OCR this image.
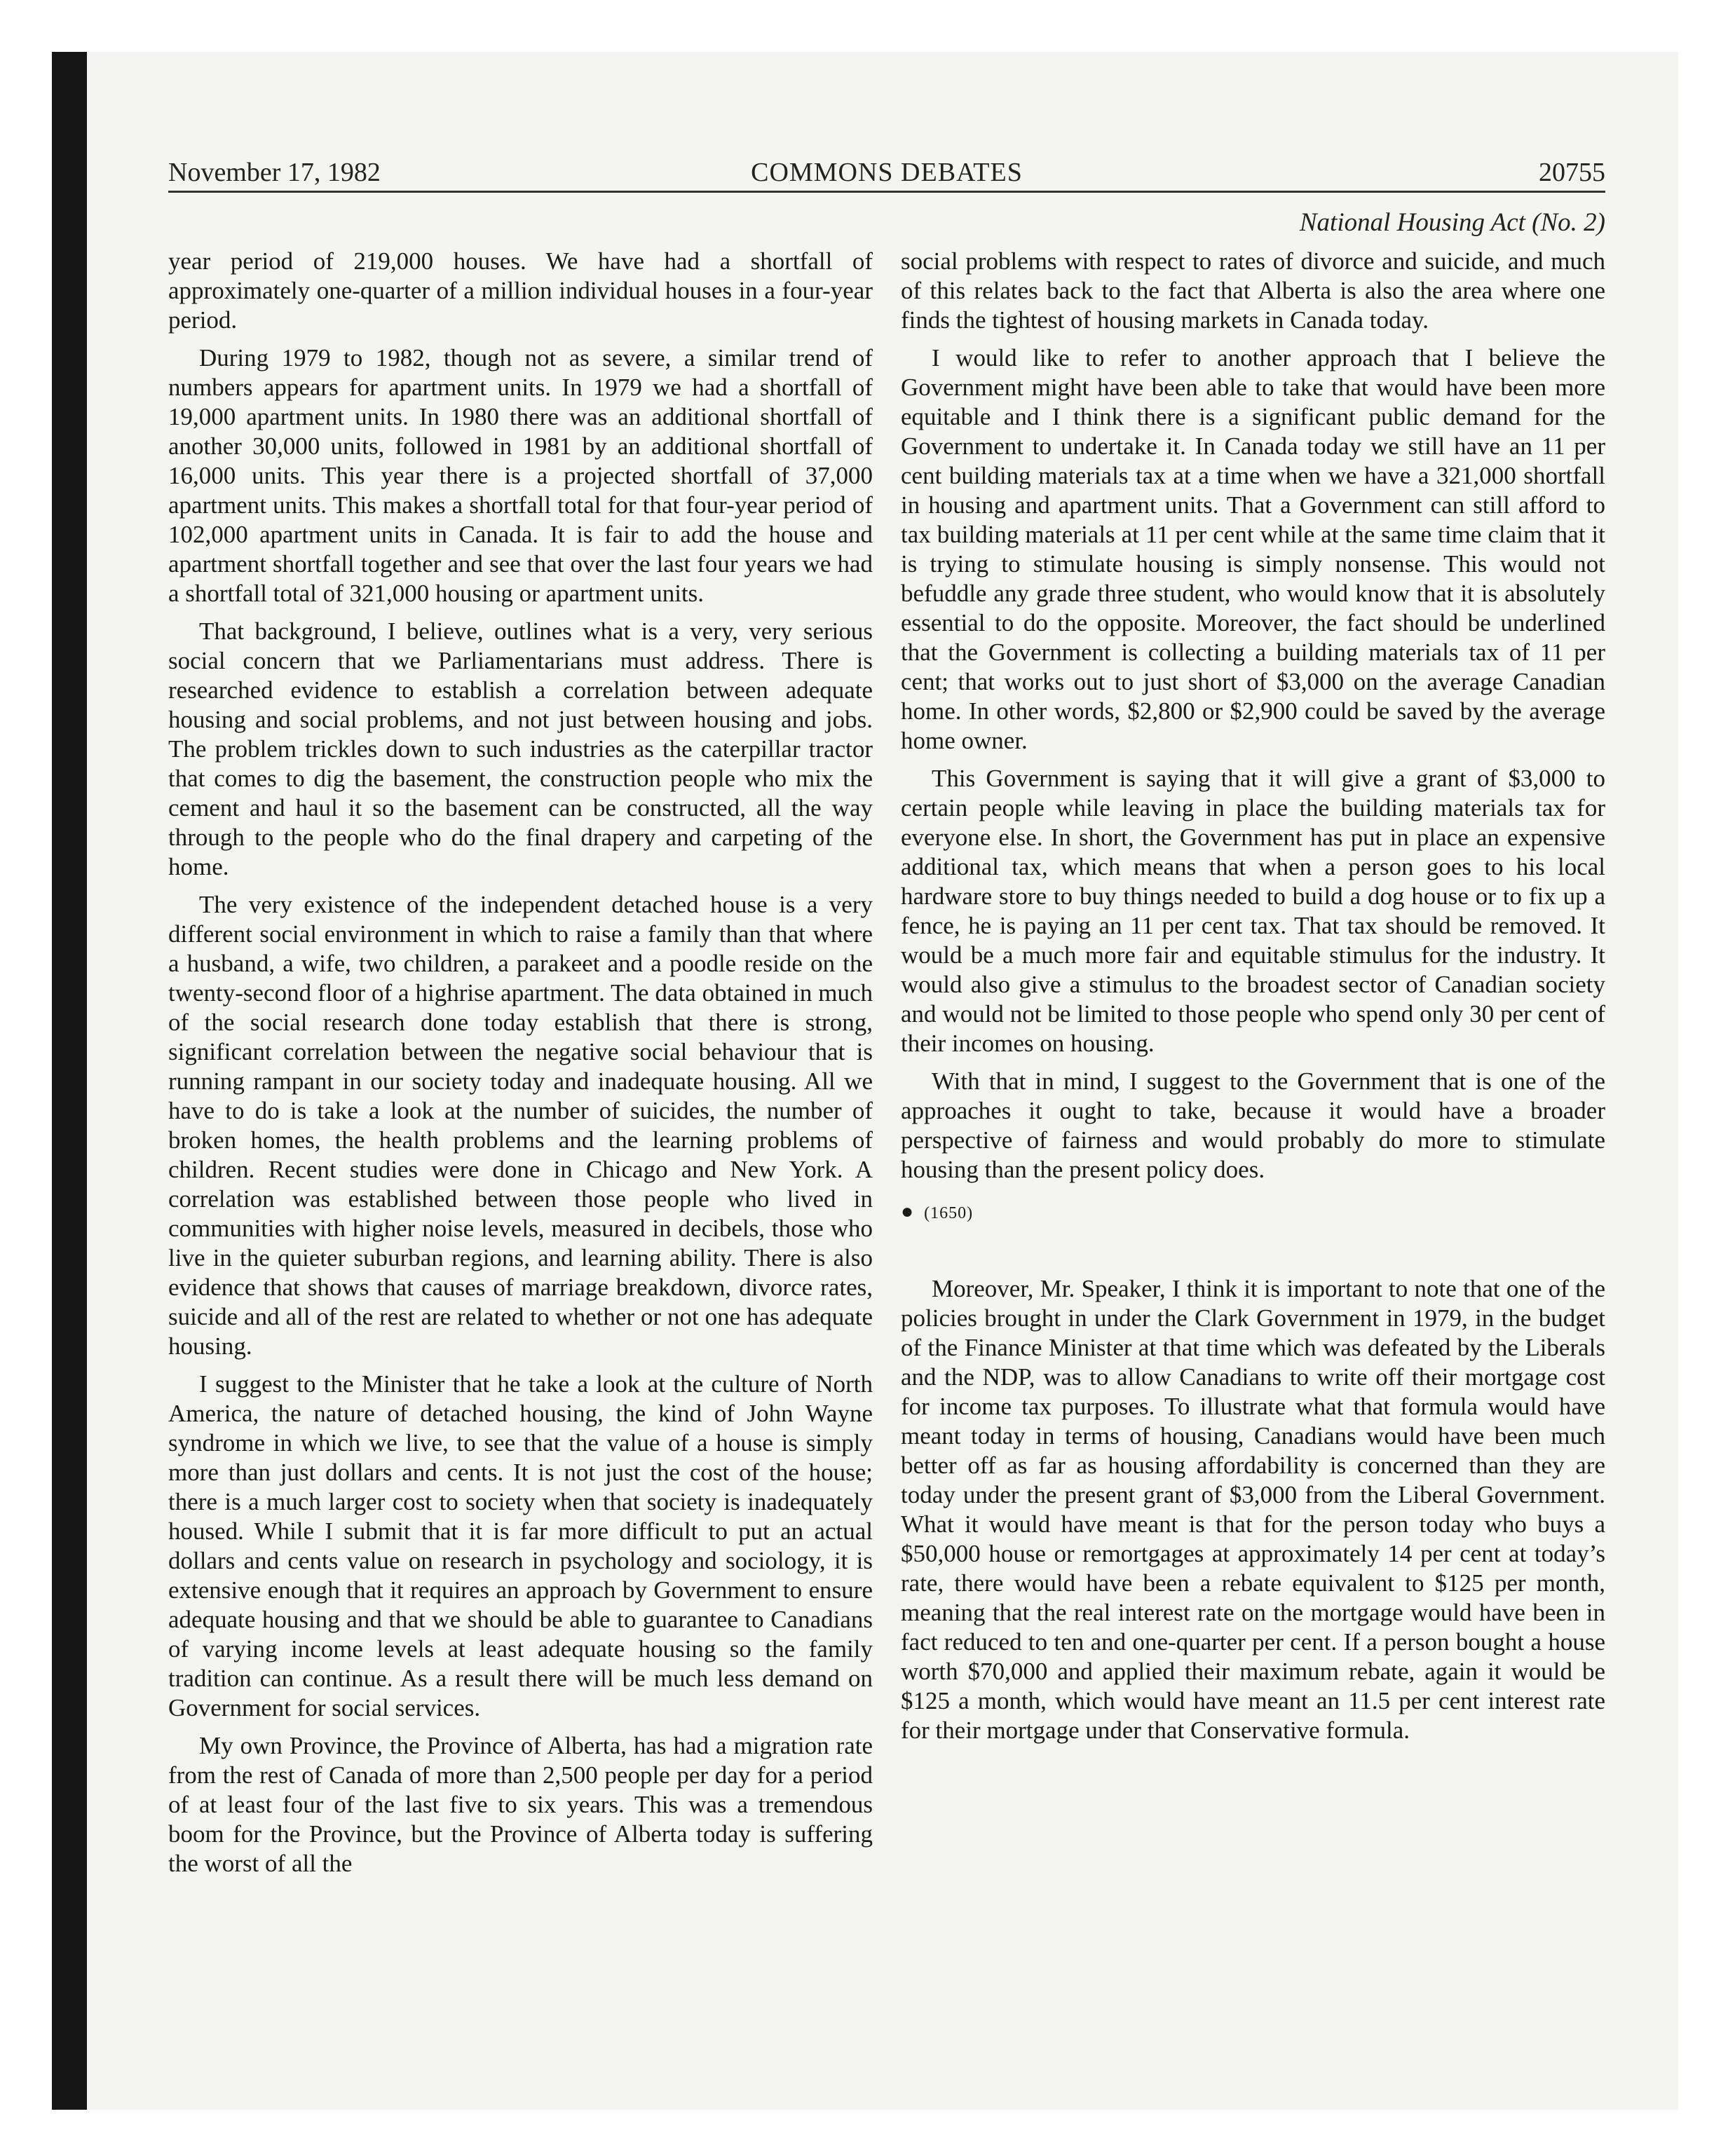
November 17, 1982	COMMONS DEBATES	20755
National Housing Act (No. 2)

year period of 219,000 houses. We have had a shortfall of approximately one-quarter of a million individual houses in a four-year period.

During 1979 to 1982, though not as severe, a similar trend of numbers appears for apartment units. In 1979 we had a shortfall of 19,000 apartment units. In 1980 there was an additional shortfall of another 30,000 units, followed in 1981 by an additional shortfall of 16,000 units. This year there is a projected shortfall of 37,000 apartment units. This makes a shortfall total for that four-year period of 102,000 apartment units in Canada. It is fair to add the house and apartment shortfall together and see that over the last four years we had a shortfall total of 321,000 housing or apartment units.

That background, I believe, outlines what is a very, very serious social concern that we Parliamentarians must address. There is researched evidence to establish a correlation between adequate housing and social problems, and not just between housing and jobs. The problem trickles down to such industries as the caterpillar tractor that comes to dig the basement, the construction people who mix the cement and haul it so the basement can be constructed, all the way through to the people who do the final drapery and carpeting of the home.

The very existence of the independent detached house is a very different social environment in which to raise a family than that where a husband, a wife, two children, a parakeet and a poodle reside on the twenty-second floor of a highrise apartment. The data obtained in much of the social research done today establish that there is strong, significant correlation between the negative social behaviour that is running rampant in our society today and inadequate housing. All we have to do is take a look at the number of suicides, the number of broken homes, the health problems and the learning problems of children. Recent studies were done in Chicago and New York. A correlation was established between those people who lived in communities with higher noise levels, measured in decibels, those who live in the quieter suburban regions, and learning ability. There is also evidence that shows that causes of marriage breakdown, divorce rates, suicide and all of the rest are related to whether or not one has adequate housing.

I suggest to the Minister that he take a look at the culture of North America, the nature of detached housing, the kind of John Wayne syndrome in which we live, to see that the value of a house is simply more than just dollars and cents. It is not just the cost of the house; there is a much larger cost to society when that society is inadequately housed. While I submit that it is far more difficult to put an actual dollars and cents value on research in psychology and sociology, it is extensive enough that it requires an approach by Government to ensure adequate housing and that we should be able to guarantee to Canadians of varying income levels at least adequate housing so the family tradition can continue. As a result there will be much less demand on Government for social services.

My own Province, the Province of Alberta, has had a migration rate from the rest of Canada of more than 2,500 people per day for a period of at least four of the last five to six years. This was a tremendous boom for the Province, but the Province of Alberta today is suffering the worst of all the

social problems with respect to rates of divorce and suicide, and much of this relates back to the fact that Alberta is also the area where one finds the tightest of housing markets in Canada today.

I would like to refer to another approach that I believe the Government might have been able to take that would have been more equitable and I think there is a significant public demand for the Government to undertake it. In Canada today we still have an 11 per cent building materials tax at a time when we have a 321,000 shortfall in housing and apartment units. That a Government can still afford to tax building materials at 11 per cent while at the same time claim that it is trying to stimulate housing is simply nonsense. This would not befuddle any grade three student, who would know that it is absolutely essential to do the opposite. Moreover, the fact should be underlined that the Government is collecting a building materials tax of 11 per cent; that works out to just short of $3,000 on the average Canadian home. In other words, $2,800 or $2,900 could be saved by the average home owner.

This Government is saying that it will give a grant of $3,000 to certain people while leaving in place the building materials tax for everyone else. In short, the Government has put in place an expensive additional tax, which means that when a person goes to his local hardware store to buy things needed to build a dog house or to fix up a fence, he is paying an 11 per cent tax. That tax should be removed. It would be a much more fair and equitable stimulus for the industry. It would also give a stimulus to the broadest sector of Canadian society and would not be limited to those people who spend only 30 per cent of their incomes on housing.

With that in mind, I suggest to the Government that is one of the approaches it ought to take, because it would have a broader perspective of fairness and would probably do more to stimulate housing than the present policy does.

● (1650)

Moreover, Mr. Speaker, I think it is important to note that one of the policies brought in under the Clark Government in 1979, in the budget of the Finance Minister at that time which was defeated by the Liberals and the NDP, was to allow Canadians to write off their mortgage cost for income tax purposes. To illustrate what that formula would have meant today in terms of housing, Canadians would have been much better off as far as housing affordability is concerned than they are today under the present grant of $3,000 from the Liberal Government. What it would have meant is that for the person today who buys a $50,000 house or remortgages at approximately 14 per cent at today’s rate, there would have been a rebate equivalent to $125 per month, meaning that the real interest rate on the mortgage would have been in fact reduced to ten and one-quarter per cent. If a person bought a house worth $70,000 and applied their maximum rebate, again it would be $125 a month, which would have meant an 11.5 per cent interest rate for their mortgage under that Conservative formula.
